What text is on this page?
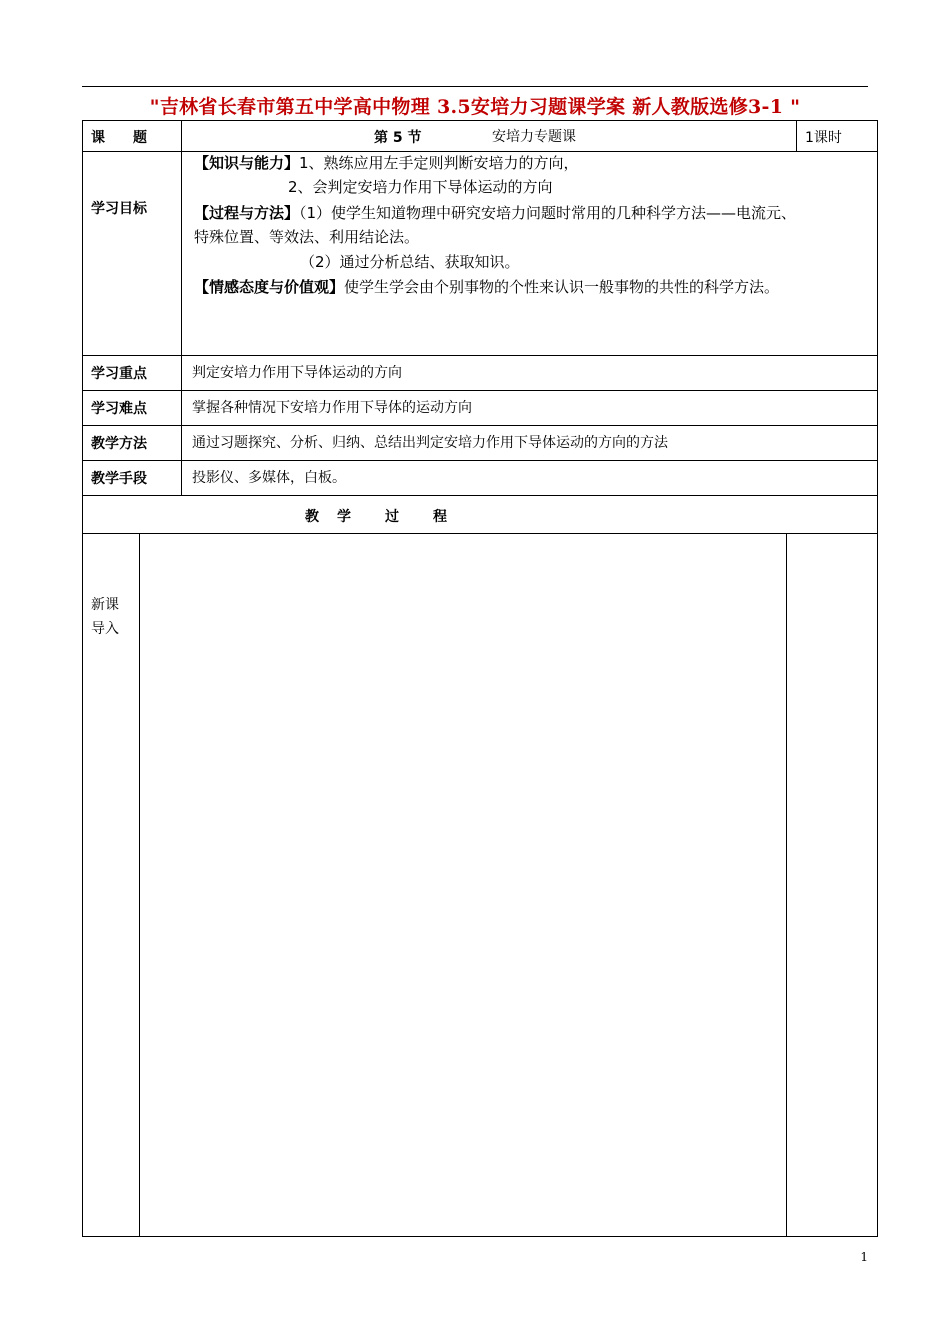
"吉林省长春市第五中学高中物理 3.5安培力习题课学案 新人教版选修3-1 "
课　　题	第 5 节	安培力专题课	1课时
学习目标
【知识与能力】1、熟练应用左手定则判断安培力的方向，
2、会判定安培力作用下导体运动的方向
【过程与方法】（1）使学生知道物理中研究安培力问题时常用的几种科学方法——电流元、
特殊位置、等效法、利用结论法。
（2）通过分析总结、获取知识。
【情感态度与价值观】使学生学会由个别事物的个性来认识一般事物的共性的科学方法。
学习重点	判定安培力作用下导体运动的方向
学习难点	掌握各种情况下安培力作用下导体的运动方向
教学方法	通过习题探究、分析、归纳、总结出判定安培力作用下导体运动的方向的方法
教学手段	投影仪、多媒体，白板。
教　学　　过　　程
新课
导入
1
